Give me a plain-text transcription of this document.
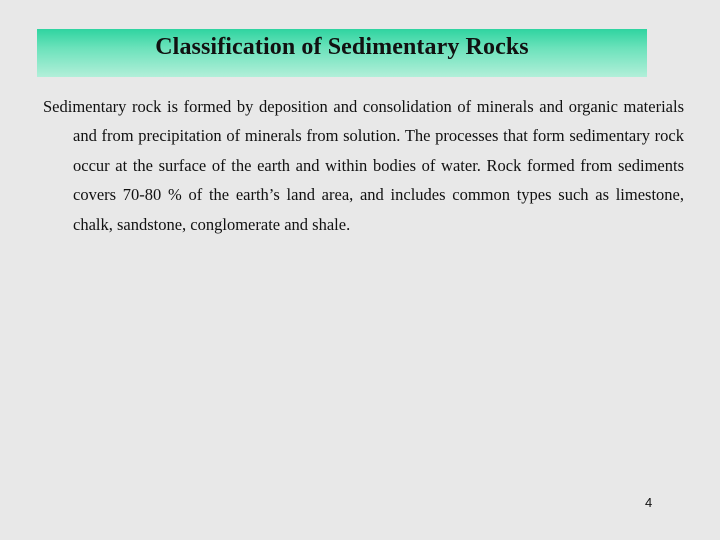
Classification of Sedimentary Rocks
Sedimentary rock is formed by deposition and consolidation of minerals and organic materials and from precipitation of minerals from solution. The processes that form sedimentary rock occur at the surface of the earth and within bodies of water. Rock formed from sediments covers 70-80 % of the earth’s land area, and includes common types such as limestone, chalk, sandstone, conglomerate and shale.
4
